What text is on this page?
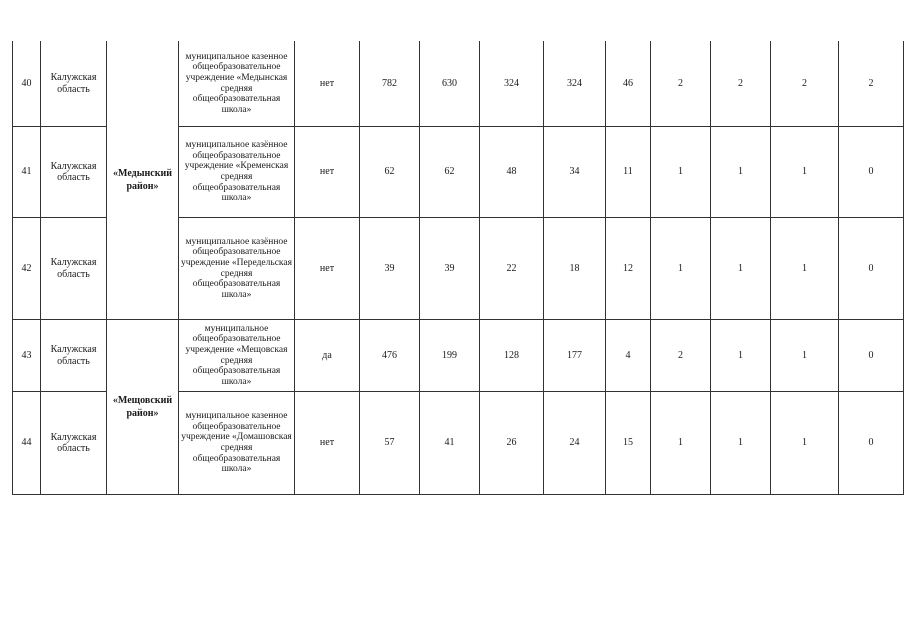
40	Калужская область	«Медынский район»	муниципальное казенное общеобразовательное учреждение «Медынская средняя общеобразовательная школа»	нет	782	630	324	324	46	2	2	2	2
41	Калужская область		муниципальное казённое общеобразовательное учреждение «Кременская средняя общеобразовательная школа»	нет	62	62	48	34	11	1	1	1	0
42	Калужская область		муниципальное казённое общеобразовательное учреждение «Передельская средняя общеобразовательная школа»	нет	39	39	22	18	12	1	1	1	0
43	Калужская область	«Мещовский район»	муниципальное общеобразовательное учреждение «Мещовская средняя общеобразовательная школа»	да	476	199	128	177	4	2	1	1	0
44	Калужская область		муниципальное казенное общеобразовательное учреждение «Домашовская средняя общеобразовательная школа»	нет	57	41	26	24	15	1	1	1	0
